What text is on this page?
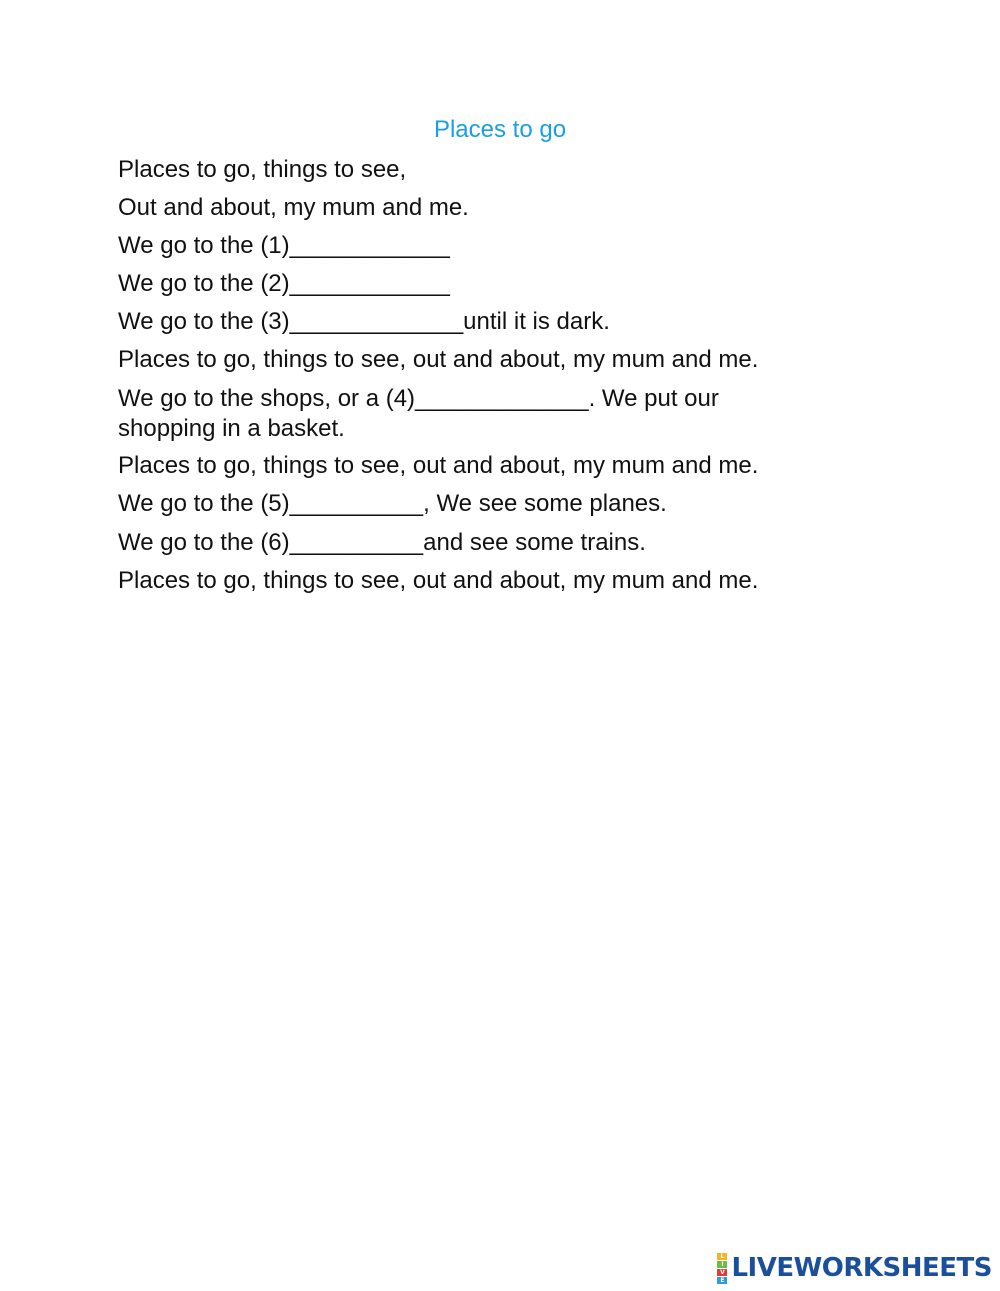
Places to go
Places to go, things to see,
Out and about, my mum and me.
We go to the (1)____________
We go to the (2)____________
We go to the (3)_____________until it is dark.
Places to go, things to see, out and about, my mum and me.
We go to the shops, or a (4)_____________. We put our
shopping in a basket.
Places to go, things to see, out and about, my mum and me.
We go to the (5)__________, We see some planes.
We go to the (6)__________and see some trains.
Places to go, things to see, out and about, my mum and me.
L
I
V
E LIVEWORKSHEETS
